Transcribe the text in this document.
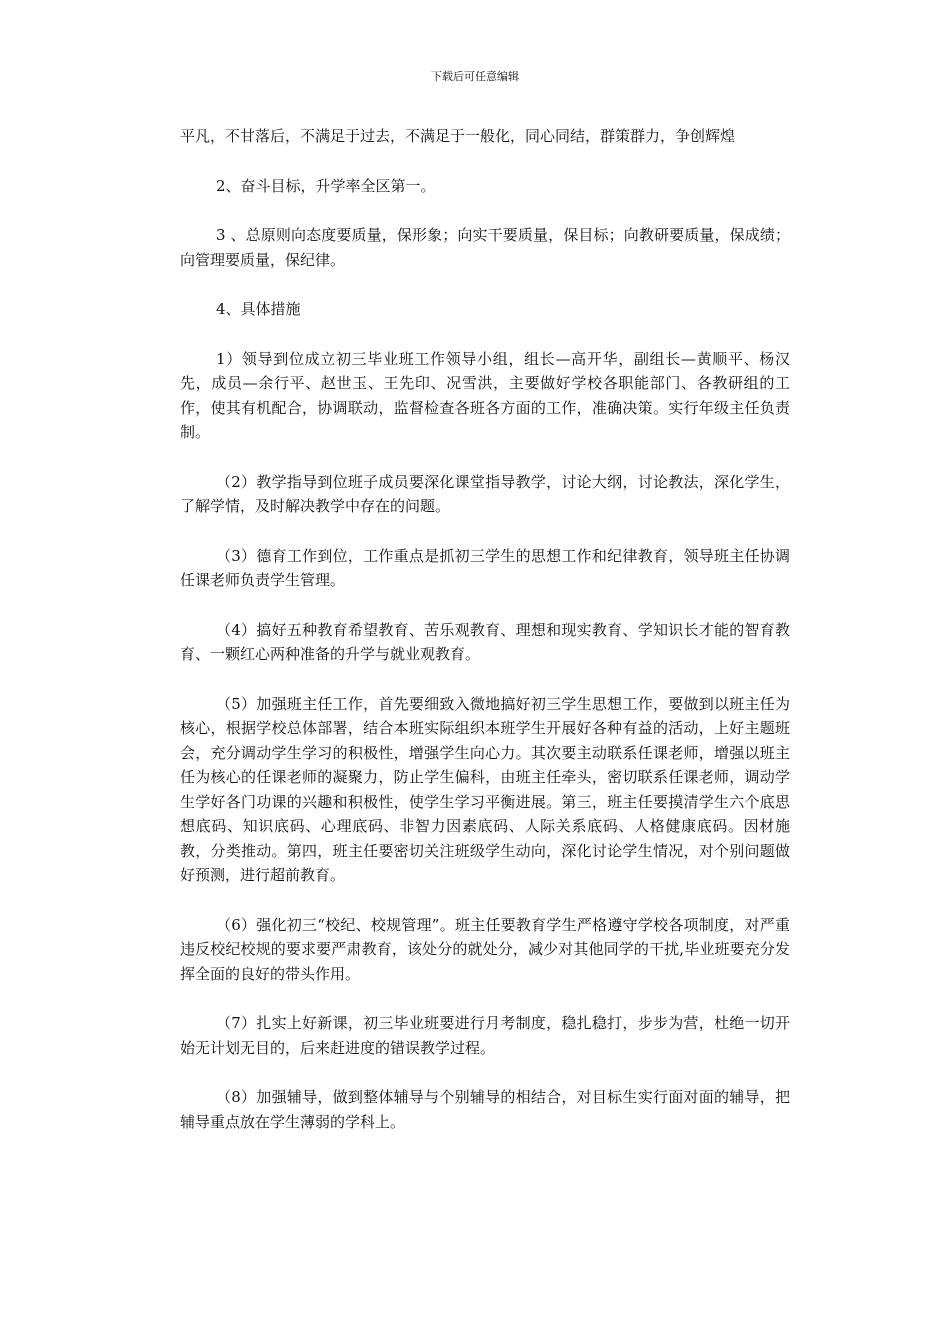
下载后可任意编辑

平凡，不甘落后，不满足于过去，不满足于一般化，同心同结，群策群力，争创辉煌

2、奋斗目标，升学率全区第一。

3 、总原则向态度要质量，保形象；向实干要质量，保目标；向教研要质量，保成绩；向管理要质量，保纪律。

4、具体措施

1）领导到位成立初三毕业班工作领导小组，组长—高开华，副组长—黄顺平、杨汉先，成员—余行平、赵世玉、王先印、况雪洪，主要做好学校各职能部门、各教研组的工作，使其有机配合，协调联动，监督检查各班各方面的工作，准确决策。实行年级主任负责制。

（2）教学指导到位班子成员要深化课堂指导教学，讨论大纲，讨论教法，深化学生，了解学情，及时解决教学中存在的问题。

（3）德育工作到位，工作重点是抓初三学生的思想工作和纪律教育，领导班主任协调任课老师负责学生管理。

（4）搞好五种教育希望教育、苦乐观教育、理想和现实教育、学知识长才能的智育教育、一颗红心两种准备的升学与就业观教育。

（5）加强班主任工作，首先要细致入微地搞好初三学生思想工作，要做到以班主任为核心，根据学校总体部署，结合本班实际组织本班学生开展好各种有益的活动，上好主题班会，充分调动学生学习的积极性，增强学生向心力。其次要主动联系任课老师，增强以班主任为核心的任课老师的凝聚力，防止学生偏科，由班主任牵头，密切联系任课老师，调动学生学好各门功课的兴趣和积极性，使学生学习平衡进展。第三，班主任要摸清学生六个底思想底码、知识底码、心理底码、非智力因素底码、人际关系底码、人格健康底码。因材施教，分类推动。第四，班主任要密切关注班级学生动向，深化讨论学生情况，对个别问题做好预测，进行超前教育。

（6）强化初三“校纪、校规管理”。班主任要教育学生严格遵守学校各项制度，对严重违反校纪校规的要求要严肃教育，该处分的就处分，减少对其他同学的干扰,毕业班要充分发挥全面的良好的带头作用。

（7）扎实上好新课，初三毕业班要进行月考制度，稳扎稳打，步步为营，杜绝一切开始无计划无目的，后来赶进度的错误教学过程。

（8）加强辅导，做到整体辅导与个别辅导的相结合，对目标生实行面对面的辅导，把辅导重点放在学生薄弱的学科上。
